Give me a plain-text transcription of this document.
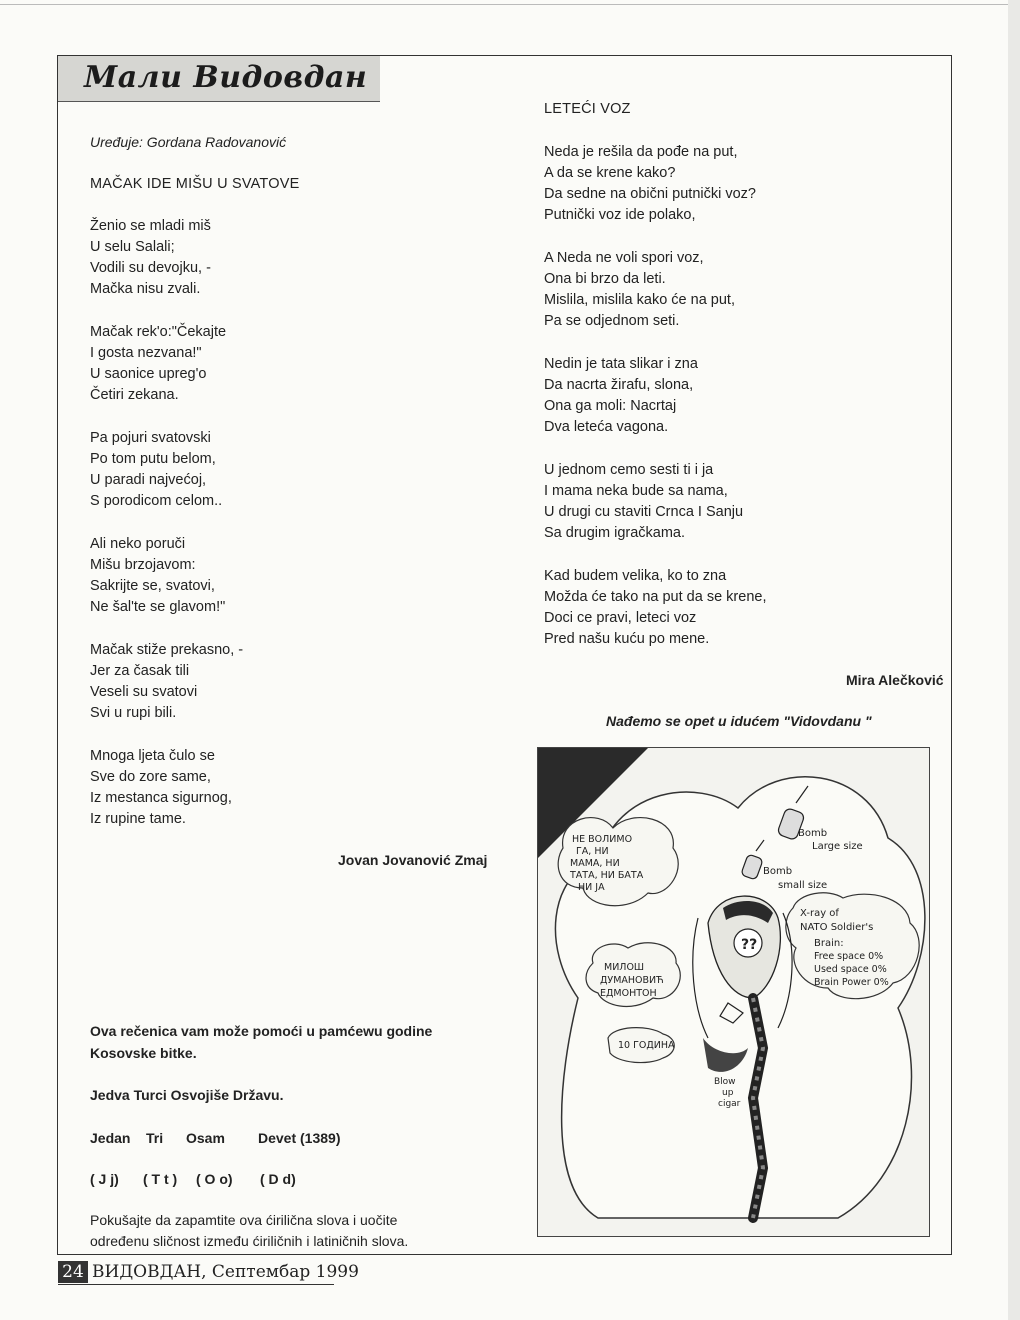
Мали Видовдан
Uređuje: Gordana Radovanović
MAČAK IDE MIŠU U SVATOVE
Ženio se mladi miš
U selu Salali;
Vodili su devojku, -
Mačka nisu zvali.
Mačak rek'o:"Čekajte
I gosta nezvana!"
U saonice upreg'o
Četiri zekana.
Pa pojuri svatovski
Po tom putu belom,
U paradi najvećoj,
S porodicom celom..
Ali neko poruči
Mišu brzojavom:
Sakrijte se, svatovi,
Ne šal'te se glavom!"
Mačak stiže prekasno, -
Jer za časak tili
Veseli su svatovi
Svi u rupi bili.
Mnoga ljeta čulo se
Sve do zore same,
Iz mestanca sigurnog,
Iz rupine tame.
Jovan Jovanović Zmaj
Ova rečenica vam može pomoći u pamćewu godine
Kosovske bitke.
Jedva Turci Osvojiše Državu.
Jedan Tri Osam Devet (1389)
( J j) ( T t ) ( O o) ( D d)
Pokušajte da zapamtite ova ćirilična slova i uočite
određenu sličnost između ćiriličnih i latiničnih slova.
LETEĆI VOZ
Neda je rešila da pođe na put,
A da se krene kako?
Da sedne na obični putnički voz?
Putnički voz ide polako,
A Neda ne voli spori voz,
Ona bi brzo da leti.
Mislila, mislila kako će na put,
Pa se odjednom seti.
Nedin je tata slikar i zna
Da nacrta žirafu, slona,
Ona ga moli: Nacrtaj
Dva leteća vagona.
U jednom cemo sesti ti i ja
I mama neka bude sa nama,
U drugi cu staviti Crnca I Sanju
Sa drugim igračkama.
Kad budem velika, ko to zna
Možda će tako na put da se krene,
Doci ce pravi, leteci voz
Pred našu kuću po mene.
Mira Alečković
Nađemo se opet u idućem "Vidovdanu "
??
Bomb
Large size
Bomb
small size
НЕ ВОЛИМО
ГА, НИ
МАМА, НИ
ТАТА, НИ БАТА
НИ ЈА
МИЛОШ
ДУМАНОВИЋ
ЕДМОНТОН
10 ГОДИНА
X-ray of
NATO Soldier's
Brain:
Free space 0%
Used space 0%
Brain Power 0%
Blow
up
cigar
24 ВИДОВДАН, Септембар 1999
